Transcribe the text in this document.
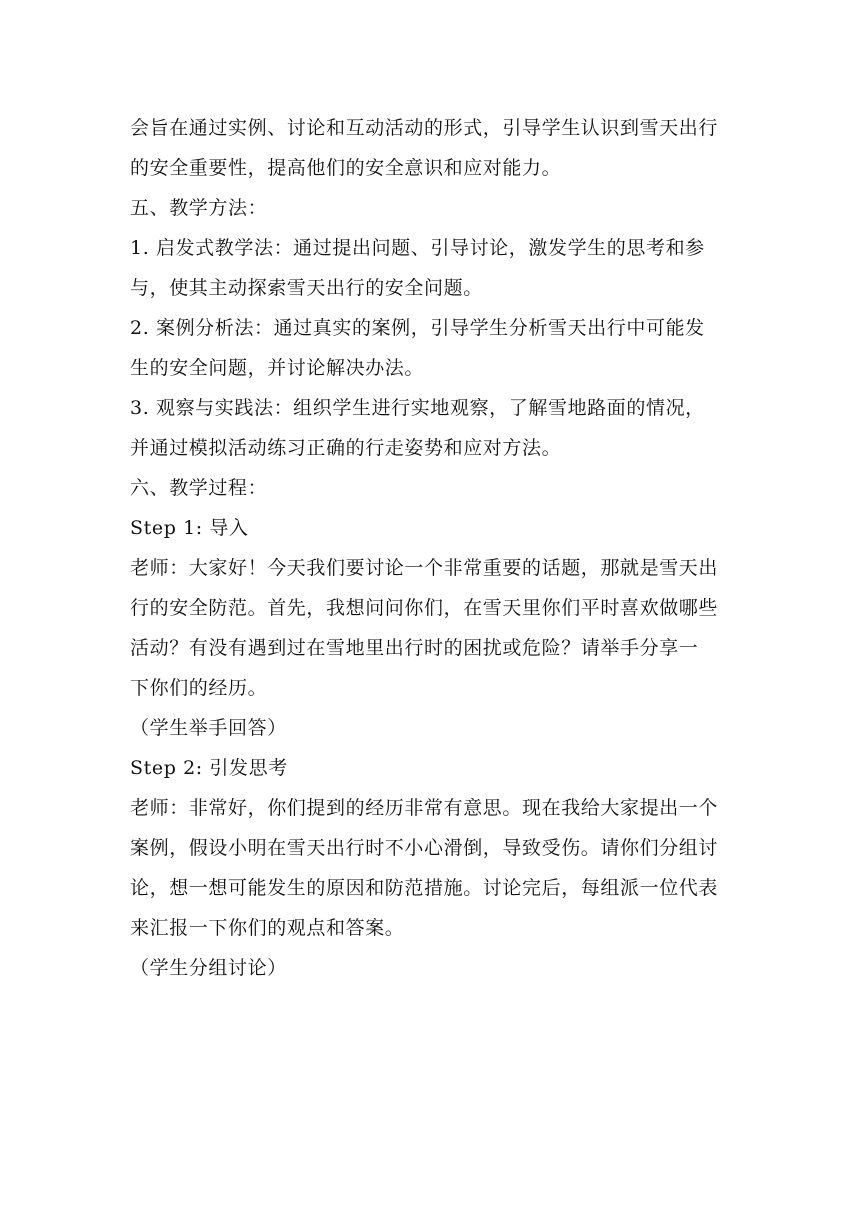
会旨在通过实例、讨论和互动活动的形式，引导学生认识到雪天出行

的安全重要性，提高他们的安全意识和应对能力。

五、教学方法：

1. 启发式教学法：通过提出问题、引导讨论，激发学生的思考和参

与，使其主动探索雪天出行的安全问题。

2. 案例分析法：通过真实的案例，引导学生分析雪天出行中可能发

生的安全问题，并讨论解决办法。

3. 观察与实践法：组织学生进行实地观察，了解雪地路面的情况，

并通过模拟活动练习正确的行走姿势和应对方法。

六、教学过程：

Step 1: 导入

老师：大家好！今天我们要讨论一个非常重要的话题，那就是雪天出

行的安全防范。首先，我想问问你们，在雪天里你们平时喜欢做哪些

活动？有没有遇到过在雪地里出行时的困扰或危险？请举手分享一

下你们的经历。

（学生举手回答）

Step 2: 引发思考

老师：非常好，你们提到的经历非常有意思。现在我给大家提出一个

案例，假设小明在雪天出行时不小心滑倒，导致受伤。请你们分组讨

论，想一想可能发生的原因和防范措施。讨论完后，每组派一位代表

来汇报一下你们的观点和答案。

（学生分组讨论）
